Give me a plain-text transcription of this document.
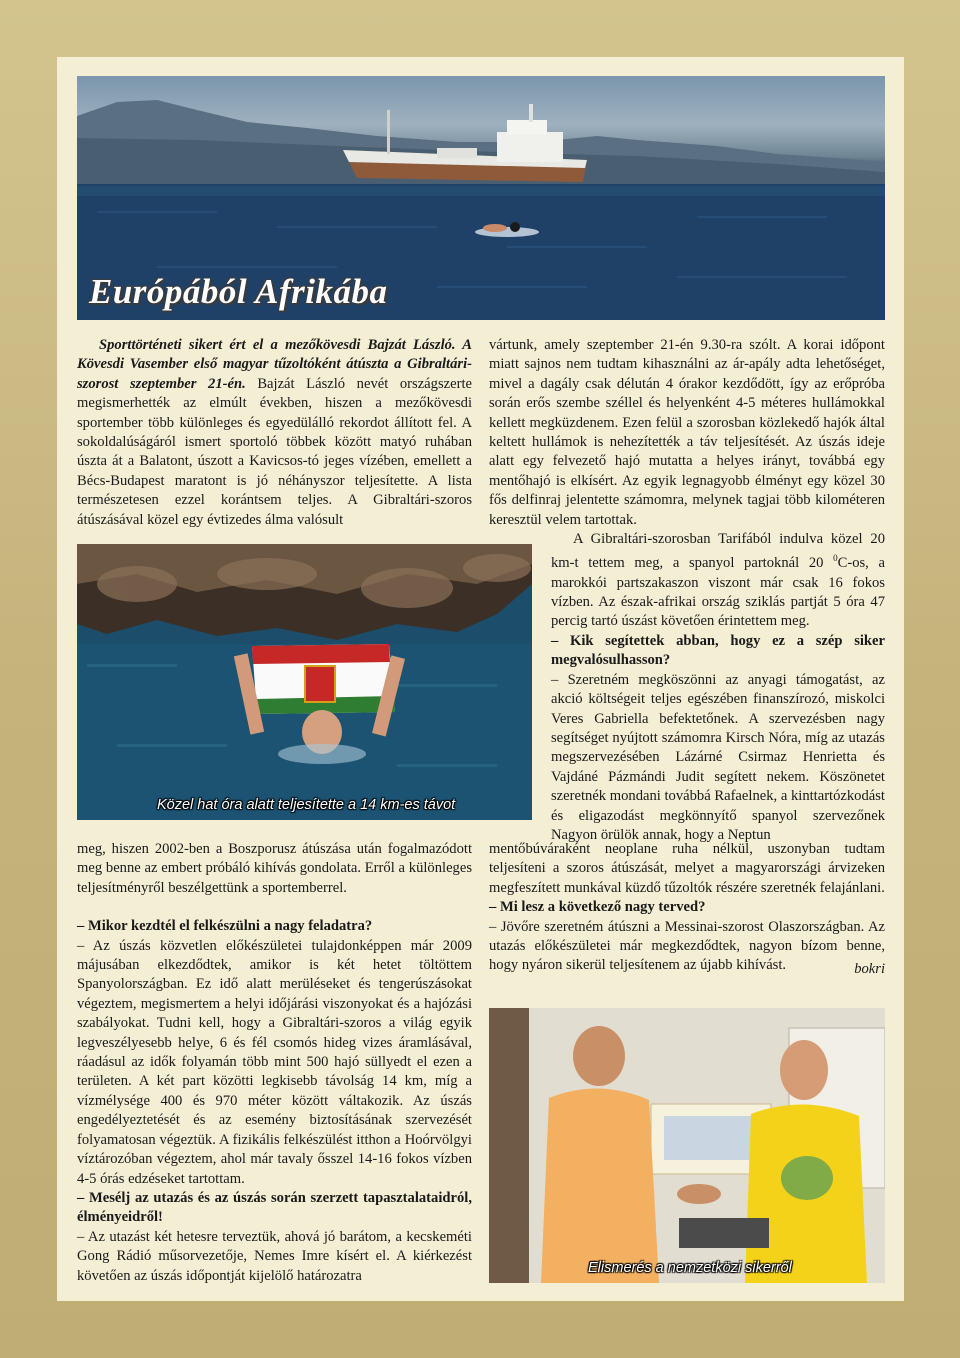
Európából Afrikába

Sporttörténeti sikert ért el a mezőkövesdi Bajzát László. A Kövesdi Vasember első magyar tűzoltóként átúszta a Gibraltári-szorost szeptember 21-én. Bajzát László nevét országszerte megismerhették az elmúlt években, hiszen a mezőkövesdi sportember több különleges és egyedülálló rekordot állított fel. A sokoldalúságáról ismert sportoló többek között matyó ruhában úszta át a Balatont, úszott a Kavicsos-tó jeges vízében, emellett a Bécs-Budapest maratont is jó néhányszor teljesítette. A lista természetesen ezzel korántsem teljes. A Gibraltári-szoros átúszásával közel egy évtizedes álma valósult

Közel hat óra alatt teljesítette a 14 km-es távot

meg, hiszen 2002-ben a Boszporusz átúszása után fogalmazódott meg benne az embert próbáló kihívás gondolata. Erről a különleges teljesítményről beszélgettünk a sportemberrel.

– Mikor kezdtél el felkészülni a nagy feladatra?

– Az úszás közvetlen előkészületei tulajdonképpen már 2009 májusában elkezdődtek, amikor is két hetet töltöttem Spanyolországban. Ez idő alatt merüléseket és tengerúszásokat végeztem, megismertem a helyi időjárási viszonyokat és a hajózási szabályokat. Tudni kell, hogy a Gibraltári-szoros a világ egyik legveszélyesebb helye, 6 és fél csomós hideg vizes áramlásával, ráadásul az idők folyamán több mint 500 hajó süllyedt el ezen a területen. A két part közötti legkisebb távolság 14 km, míg a vízmélysége 400 és 970 méter között váltakozik. Az úszás engedélyeztetését és az esemény biztosításának szervezését folyamatosan végeztük. A fizikális felkészülést itthon a Hoórvölgyi víztározóban végeztem, ahol már tavaly ősszel 14-16 fokos vízben 4-5 órás edzéseket tartottam.

– Mesélj az utazás és az úszás során szerzett tapasztalataidról, élményeidről!

– Az utazást két hetesre terveztük, ahová jó barátom, a kecskeméti Gong Rádió műsorvezetője, Nemes Imre kísért el. A kiérkezést követően az úszás időpontját kijelölő határozatra

vártunk, amely szeptember 21-én 9.30-ra szólt. A korai időpont miatt sajnos nem tudtam kihasználni az ár-apály adta lehetőséget, mivel a dagály csak délután 4 órakor kezdődött, így az erőpróba során erős szembe széllel és helyenként 4-5 méteres hullámokkal kellett megküzdenem. Ezen felül a szorosban közlekedő hajók által keltett hullámok is nehezítették a táv teljesítését. Az úszás ideje alatt egy felvezető hajó mutatta a helyes irányt, továbbá egy mentőhajó is elkísért. Az egyik legnagyobb élményt egy közel 30 fős delfinraj jelentette számomra, melynek tagjai több kilométeren keresztül velem tartottak.

A Gibraltári-szorosban Tarifából indulva közel 20 km-t tettem meg, a spanyol partoknál 20 $^0$C-os, a marokkói partszakaszon viszont már csak 16 fokos vízben. Az észak-afrikai ország sziklás partját 5 óra 47 percig tartó úszást követően érintettem meg.

– Kik segítettek abban, hogy ez a szép siker megvalósulhasson?

– Szeretném megköszönni az anyagi támogatást, az akció költségeit teljes egészében finanszírozó, miskolci Veres Gabriella befektetőnek. A szervezésben nagy segítséget nyújtott számomra Kirsch Nóra, míg az utazás megszervezésében Lázárné Csirmaz Henrietta és Vajdáné Pázmándi Judit segített nekem. Köszönetet szeretnék mondani továbbá Rafaelnek, a kinttartózkodást és eligazodást megkönnyítő spanyol szervezőnek Nagyon örülök annak, hogy a Neptun

mentőbúváraként neoplane ruha nélkül, uszonyban tudtam teljesíteni a szoros átúszását, melyet a magyarországi árvizeken megfeszített munkával küzdő tűzoltók részére szeretnék felajánlani.

– Mi lesz a következő nagy terved?

– Jövőre szeretném átúszni a Messinai-szorost Olaszországban. Az utazás előkészületei már megkezdődtek, nagyon bízom benne, hogy nyáron sikerül teljesítenem az újabb kihívást.	bokri

Elismerés a nemzetközi sikerről
